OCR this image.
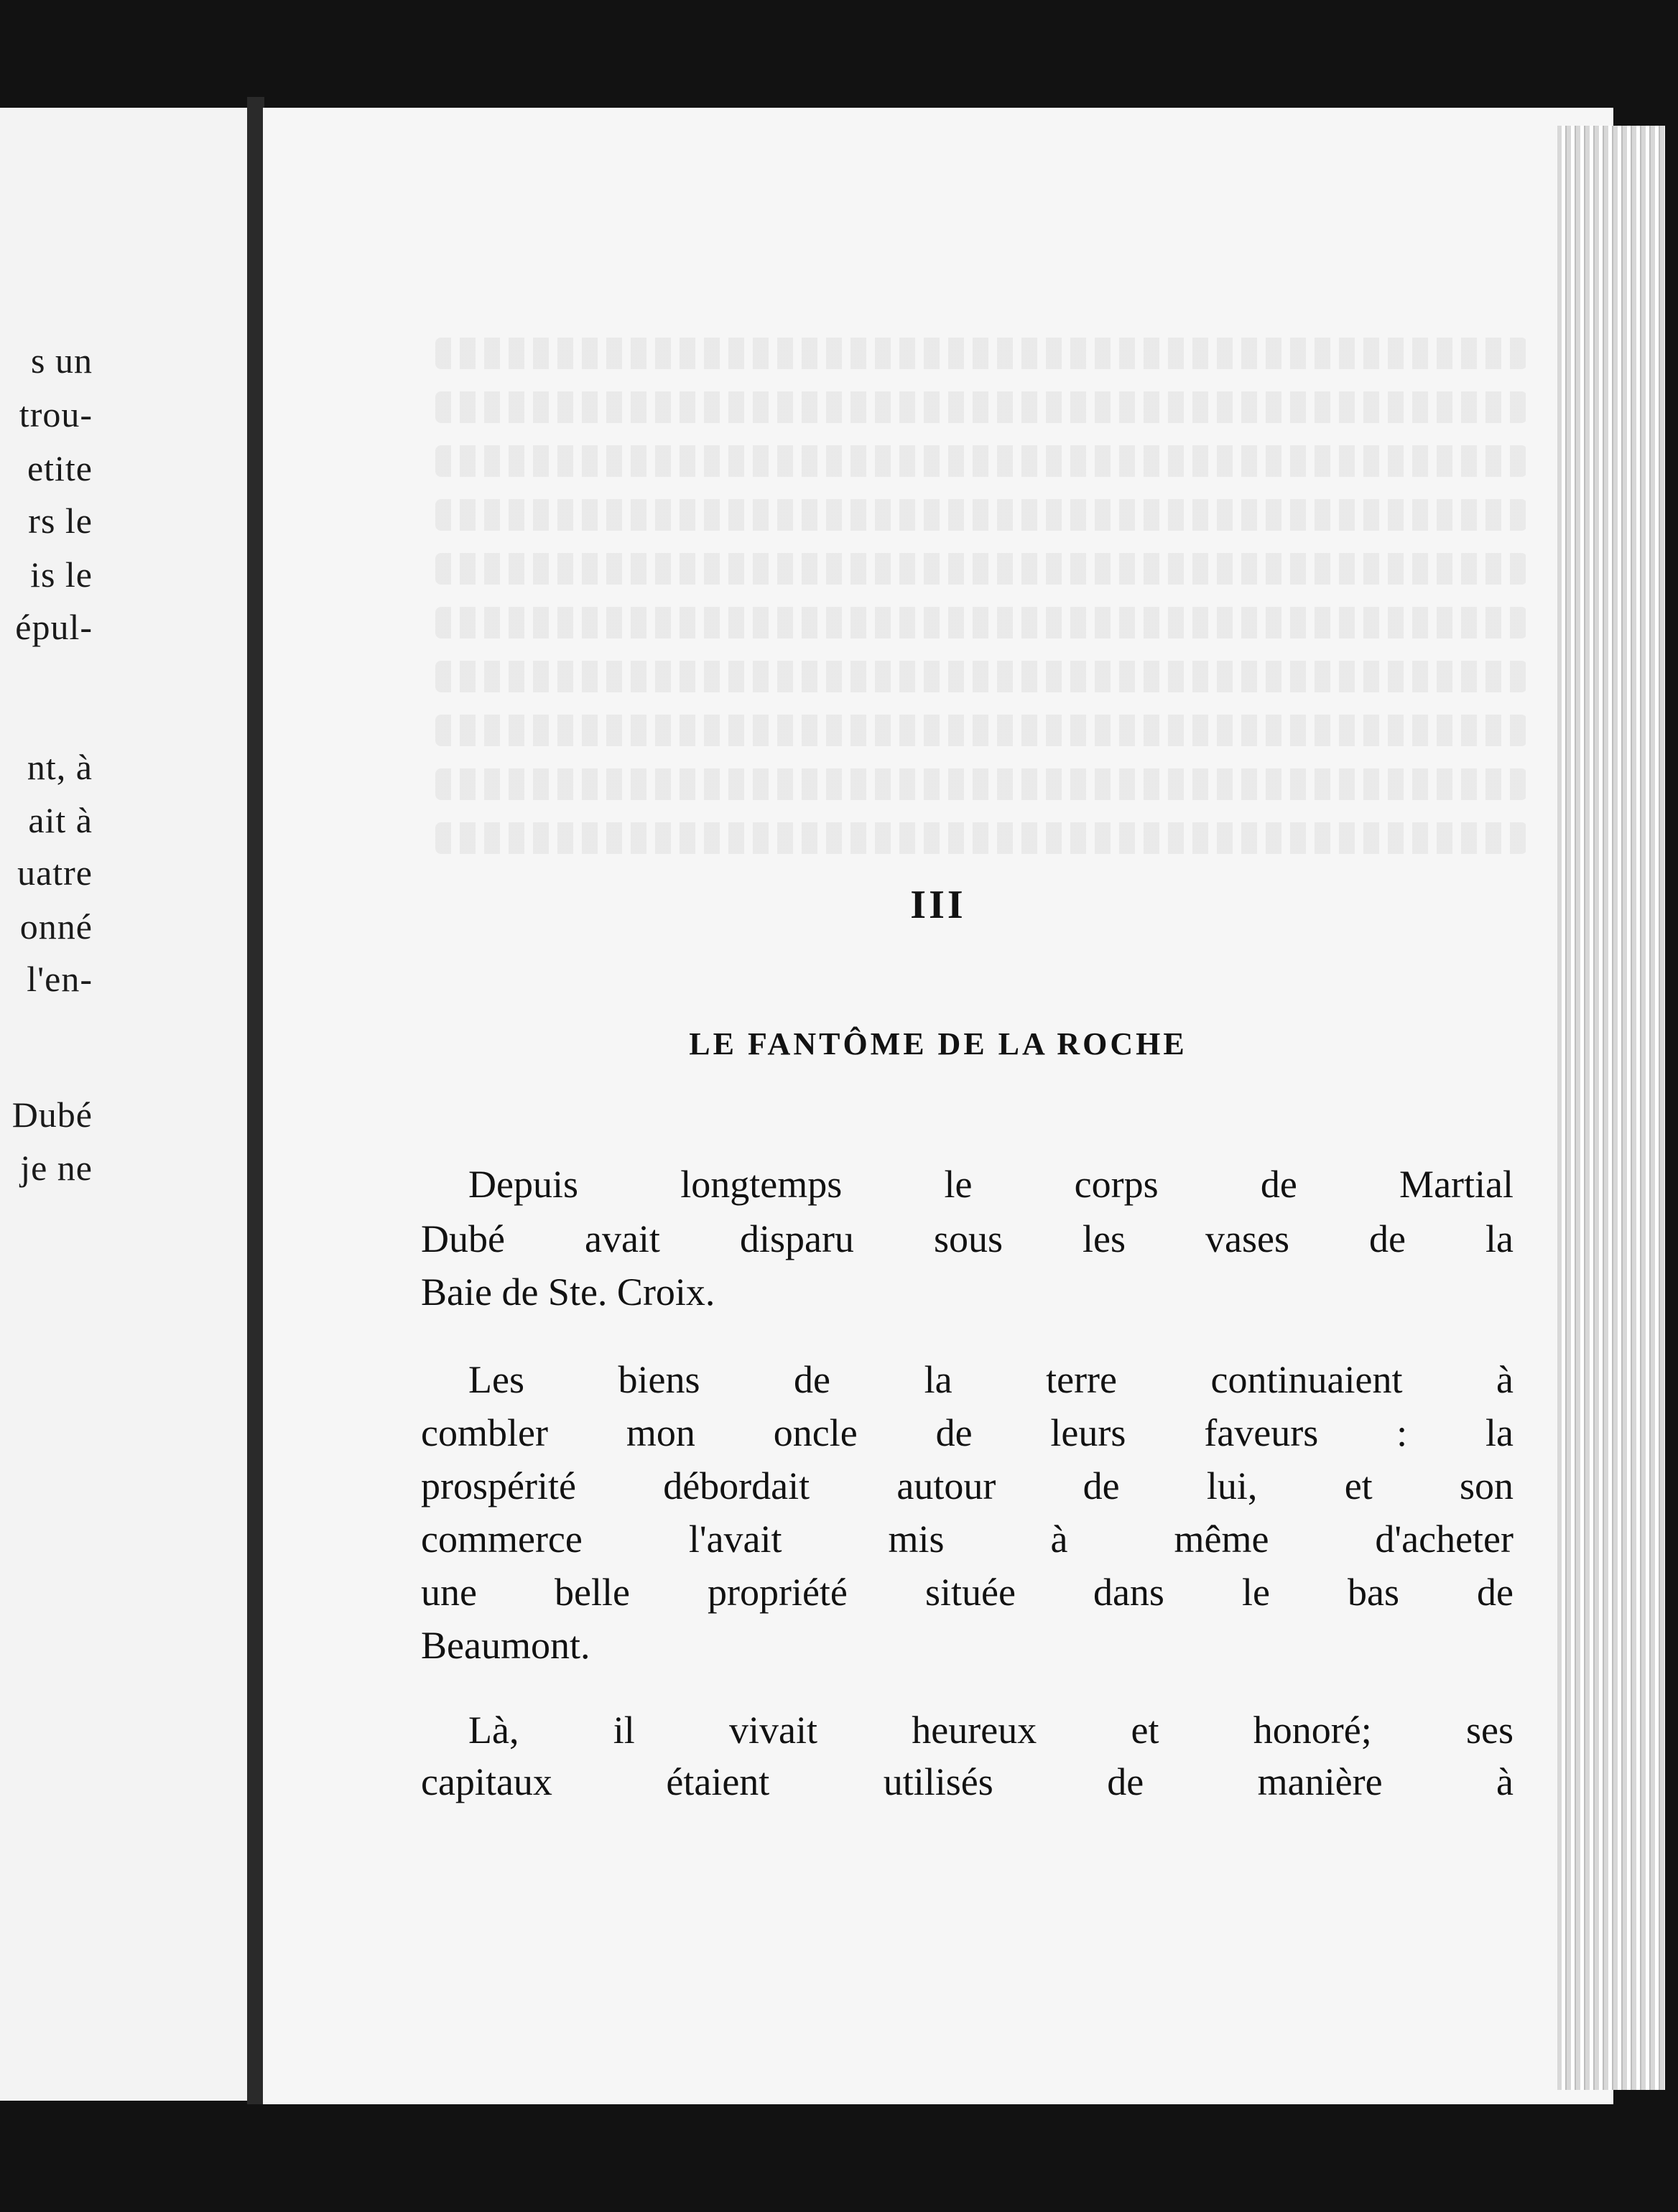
s un
trou-
etite
rs le
is le
épul-
nt, à
ait à
uatre
onné
l'en-
Dubé
je ne
III
LE FANTÔME DE LA ROCHE
Depuis longtemps le corps de Martial
Dubé avait disparu sous les vases de la
Baie de Ste. Croix.
Les biens de la terre continuaient à
combler mon oncle de leurs faveurs : la
prospérité débordait autour de lui, et son
commerce l'avait mis à même d'acheter
une belle propriété située dans le bas de
Beaumont.
Là, il vivait heureux et honoré; ses
capitaux étaient utilisés de manière à
